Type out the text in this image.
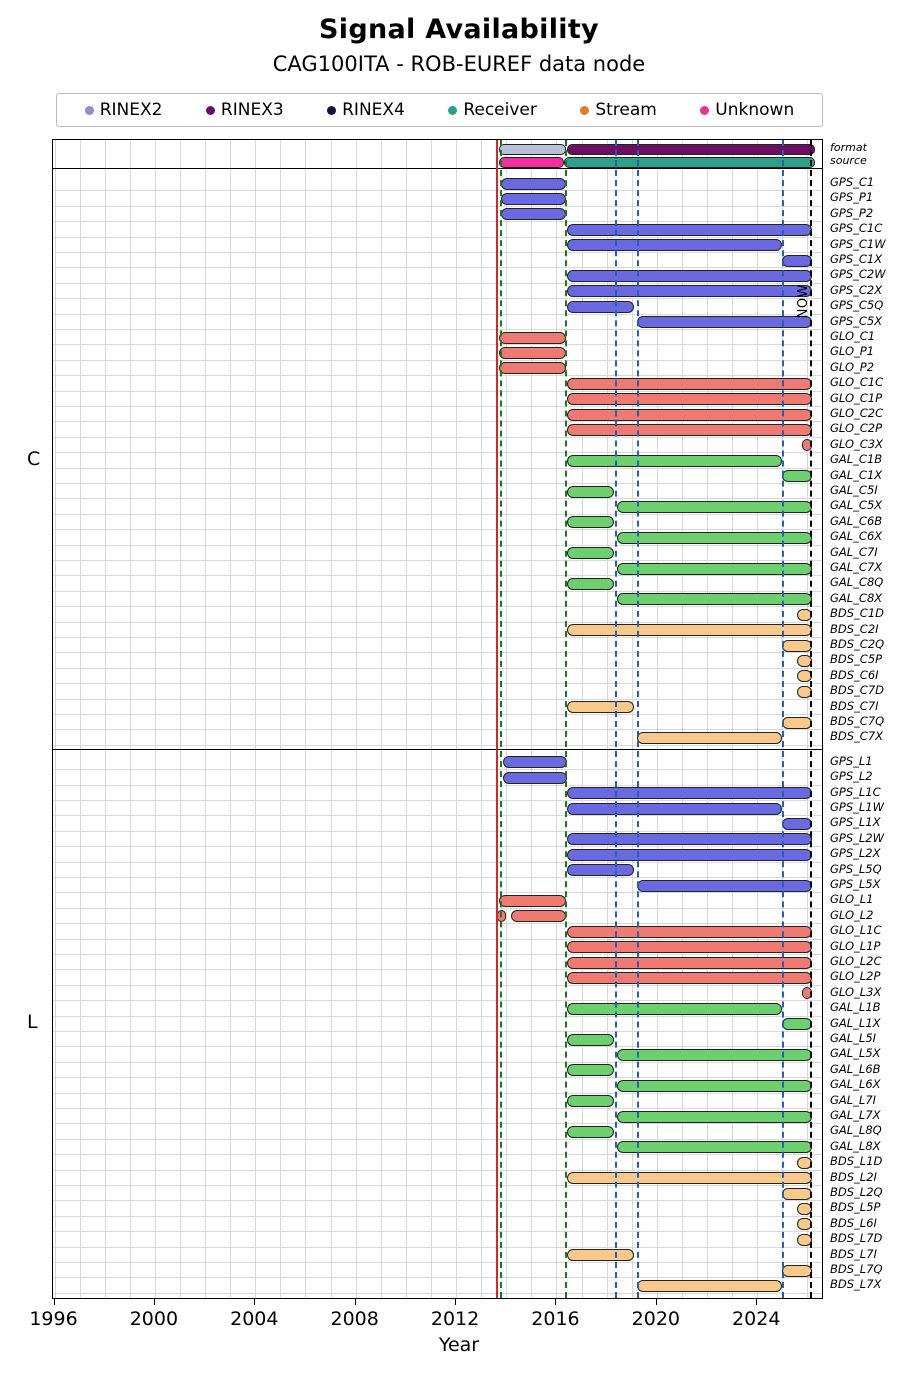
Signal Availability
CAG100ITA - ROB-EUREF data node
RINEX2	RINEX3	RINEX4	Receiver	Stream	Unknown
format
source
GPS_C1
GPS_P1
GPS_P2
GPS_C1C
GPS_C1W
GPS_C1X
GPS_C2W
GPS_C2X
GPS_C5Q
GPS_C5X
GLO_C1
GLO_P1
GLO_P2
GLO_C1C
GLO_C1P
GLO_C2C
GLO_C2P
GLO_C3X
GAL_C1B
GAL_C1X
GAL_C5I
GAL_C5X
GAL_C6B
GAL_C6X
GAL_C7I
GAL_C7X
GAL_C8Q
GAL_C8X
BDS_C1D
BDS_C2I
BDS_C2Q
BDS_C5P
BDS_C6I
BDS_C7D
BDS_C7I
BDS_C7Q
BDS_C7X
GPS_L1
GPS_L2
GPS_L1C
GPS_L1W
GPS_L1X
GPS_L2W
GPS_L2X
GPS_L5Q
GPS_L5X
GLO_L1
GLO_L2
GLO_L1C
GLO_L1P
GLO_L2C
GLO_L2P
GLO_L3X
GAL_L1B
GAL_L1X
GAL_L5I
GAL_L5X
GAL_L6B
GAL_L6X
GAL_L7I
GAL_L7X
GAL_L8Q
GAL_L8X
BDS_L1D
BDS_L2I
BDS_L2Q
BDS_L5P
BDS_L6I
BDS_L7D
BDS_L7I
BDS_L7Q
BDS_L7X
C
L
NOW
1996	2000	2004	2008	2012	2016	2020	2024
Year
